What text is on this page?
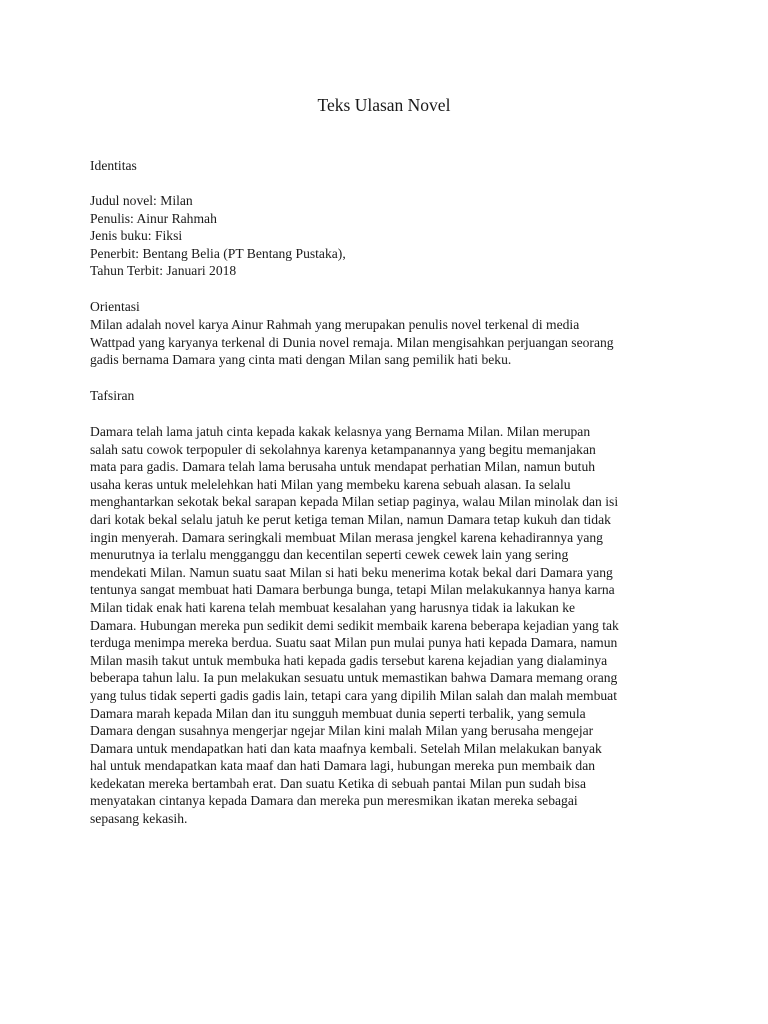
Teks Ulasan Novel
Identitas
Judul novel: Milan
Penulis: Ainur Rahmah
Jenis buku: Fiksi
Penerbit: Bentang Belia (PT Bentang Pustaka),
Tahun Terbit: Januari 2018
Orientasi
Milan adalah novel karya Ainur Rahmah yang merupakan penulis novel terkenal di media
Wattpad yang karyanya terkenal di Dunia novel remaja. Milan mengisahkan perjuangan seorang
gadis bernama Damara yang cinta mati dengan Milan sang pemilik hati beku.
Tafsiran
Damara telah lama jatuh cinta kepada kakak kelasnya yang Bernama Milan. Milan merupan
salah satu cowok terpopuler di sekolahnya karenya ketampanannya yang begitu memanjakan
mata para gadis. Damara telah lama berusaha untuk mendapat perhatian Milan, namun butuh
usaha keras untuk melelehkan hati Milan yang membeku karena sebuah alasan. Ia selalu
menghantarkan sekotak bekal sarapan kepada Milan setiap paginya, walau Milan minolak dan isi
dari kotak bekal selalu jatuh ke perut ketiga teman Milan, namun Damara tetap kukuh dan tidak
ingin menyerah. Damara seringkali membuat Milan merasa jengkel karena kehadirannya yang
menurutnya ia terlalu mengganggu dan kecentilan seperti cewek cewek lain yang sering
mendekati Milan. Namun suatu saat Milan si hati beku menerima kotak bekal dari Damara yang
tentunya sangat membuat hati Damara berbunga bunga, tetapi Milan melakukannya hanya karna
Milan tidak enak hati karena telah membuat kesalahan yang harusnya tidak ia lakukan ke
Damara. Hubungan mereka pun sedikit demi sedikit membaik karena beberapa kejadian yang tak
terduga menimpa mereka berdua. Suatu saat Milan pun mulai punya hati kepada Damara, namun
Milan masih takut untuk membuka hati kepada gadis tersebut karena kejadian yang dialaminya
beberapa tahun lalu. Ia pun melakukan sesuatu untuk memastikan bahwa Damara memang orang
yang tulus tidak seperti gadis gadis lain, tetapi cara yang dipilih Milan salah dan malah membuat
Damara marah kepada Milan dan itu sungguh membuat dunia seperti terbalik, yang semula
Damara dengan susahnya mengerjar ngejar Milan kini malah Milan yang berusaha mengejar
Damara untuk mendapatkan hati dan kata maafnya kembali. Setelah Milan melakukan banyak
hal untuk mendapatkan kata maaf dan hati Damara lagi, hubungan mereka pun membaik dan
kedekatan mereka bertambah erat. Dan suatu Ketika di sebuah pantai Milan pun sudah bisa
menyatakan cintanya kepada Damara dan mereka pun meresmikan ikatan mereka sebagai
sepasang kekasih.
